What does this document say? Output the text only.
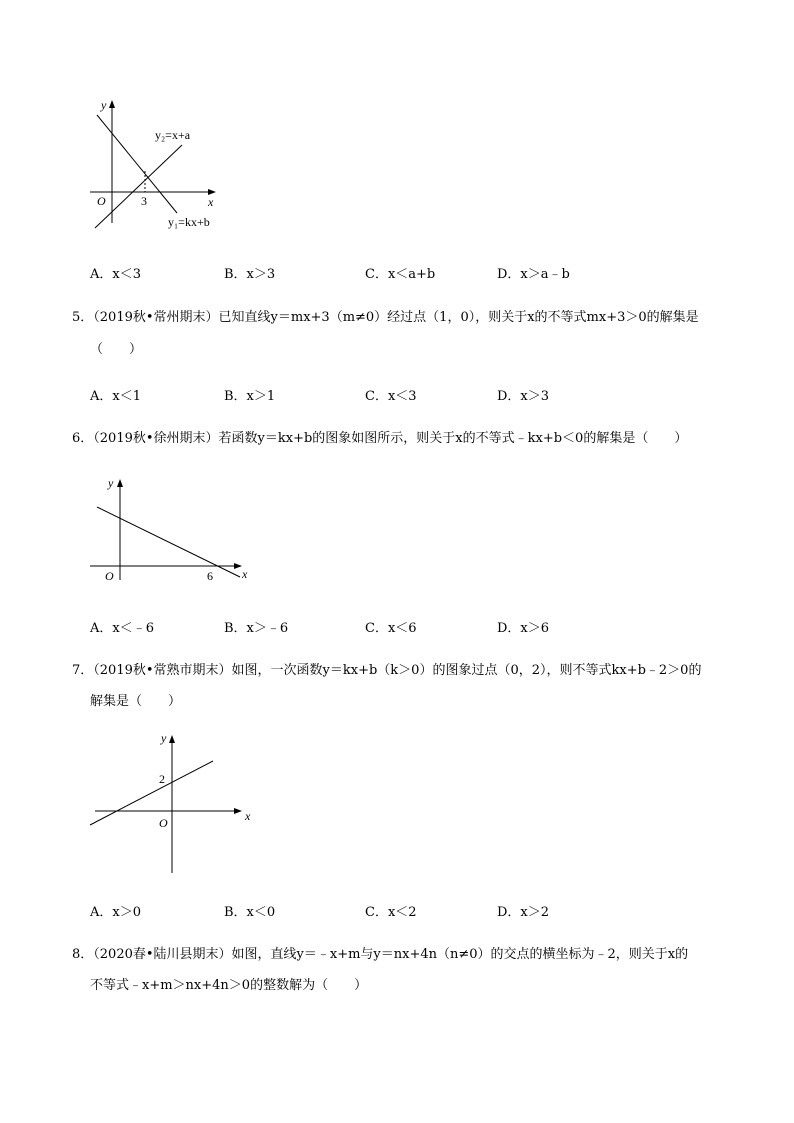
y
x
O	3
y₂=x+a
y₁=kx+b
A．x＜3	B．x＞3	C．x＜a+b	D．x＞a﹣b
5．（2019秋•常州期末）已知直线y＝mx+3（m≠0）经过点（1，0），则关于x的不等式mx+3＞0的解集是
（　　）
A．x＜1	B．x＞1	C．x＜3	D．x＞3
6．（2019秋•徐州期末）若函数y＝kx+b的图象如图所示，则关于x的不等式﹣kx+b＜0的解集是（　　）
y
x
O	6
A．x＜﹣6	B．x＞﹣6	C．x＜6	D．x＞6
7．（2019秋•常熟市期末）如图，一次函数y＝kx+b（k＞0）的图象过点（0，2），则不等式kx+b﹣2＞0的
解集是（　　）
y
x
O
2
A．x＞0	B．x＜0	C．x＜2	D．x＞2
8．（2020春•陆川县期末）如图，直线y＝﹣x+m与y＝nx+4n（n≠0）的交点的横坐标为﹣2，则关于x的
不等式﹣x+m＞nx+4n＞0的整数解为（　　）
